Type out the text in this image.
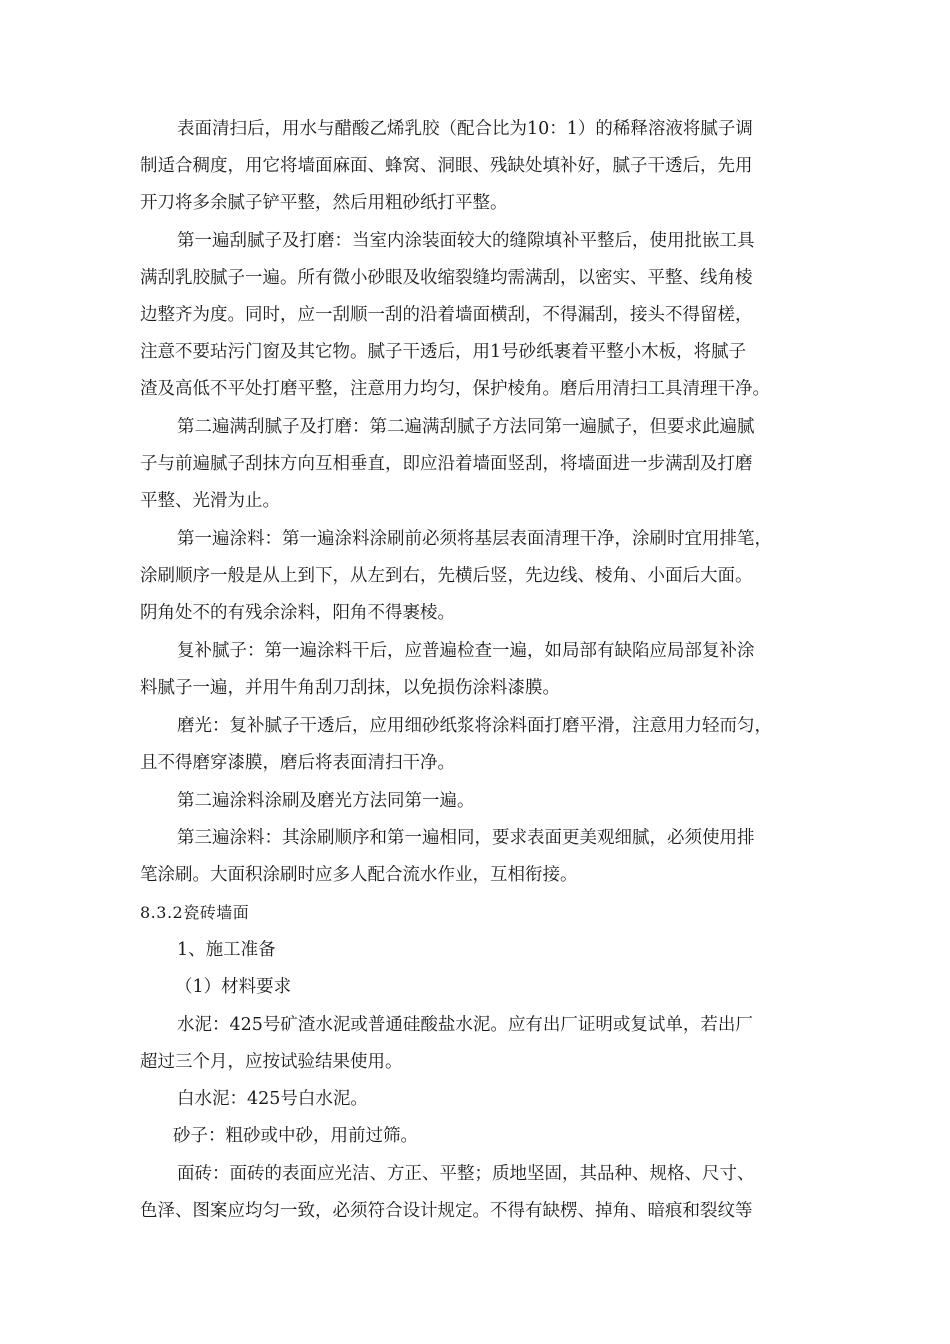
表面清扫后，用水与醋酸乙烯乳胶（配合比为10：1）的稀释溶液将腻子调
制适合稠度，用它将墙面麻面、蜂窝、洞眼、残缺处填补好，腻子干透后，先用
开刀将多余腻子铲平整，然后用粗砂纸打平整。
第一遍刮腻子及打磨：当室内涂装面较大的缝隙填补平整后，使用批嵌工具
满刮乳胶腻子一遍。所有微小砂眼及收缩裂缝均需满刮，以密实、平整、线角棱
边整齐为度。同时，应一刮顺一刮的沿着墙面横刮，不得漏刮，接头不得留槎，
注意不要玷污门窗及其它物。腻子干透后，用1号砂纸裹着平整小木板，将腻子
渣及高低不平处打磨平整，注意用力均匀，保护棱角。磨后用清扫工具清理干净。
第二遍满刮腻子及打磨：第二遍满刮腻子方法同第一遍腻子，但要求此遍腻
子与前遍腻子刮抹方向互相垂直，即应沿着墙面竖刮，将墙面进一步满刮及打磨
平整、光滑为止。
第一遍涂料：第一遍涂料涂刷前必须将基层表面清理干净，涂刷时宜用排笔，
涂刷顺序一般是从上到下，从左到右，先横后竖，先边线、棱角、小面后大面。
阴角处不的有残余涂料，阳角不得裹棱。
复补腻子：第一遍涂料干后，应普遍检查一遍，如局部有缺陷应局部复补涂
料腻子一遍，并用牛角刮刀刮抹，以免损伤涂料漆膜。
磨光：复补腻子干透后，应用细砂纸浆将涂料面打磨平滑，注意用力轻而匀，
且不得磨穿漆膜，磨后将表面清扫干净。
第二遍涂料涂刷及磨光方法同第一遍。
第三遍涂料：其涂刷顺序和第一遍相同，要求表面更美观细腻，必须使用排
笔涂刷。大面积涂刷时应多人配合流水作业，互相衔接。
8.3.2瓷砖墙面
1、施工准备
（1）材料要求
水泥：425号矿渣水泥或普通硅酸盐水泥。应有出厂证明或复试单，若出厂
超过三个月，应按试验结果使用。
白水泥：425号白水泥。
砂子：粗砂或中砂，用前过筛。
面砖：面砖的表面应光洁、方正、平整；质地坚固，其品种、规格、尺寸、
色泽、图案应均匀一致，必须符合设计规定。不得有缺楞、掉角、暗痕和裂纹等
